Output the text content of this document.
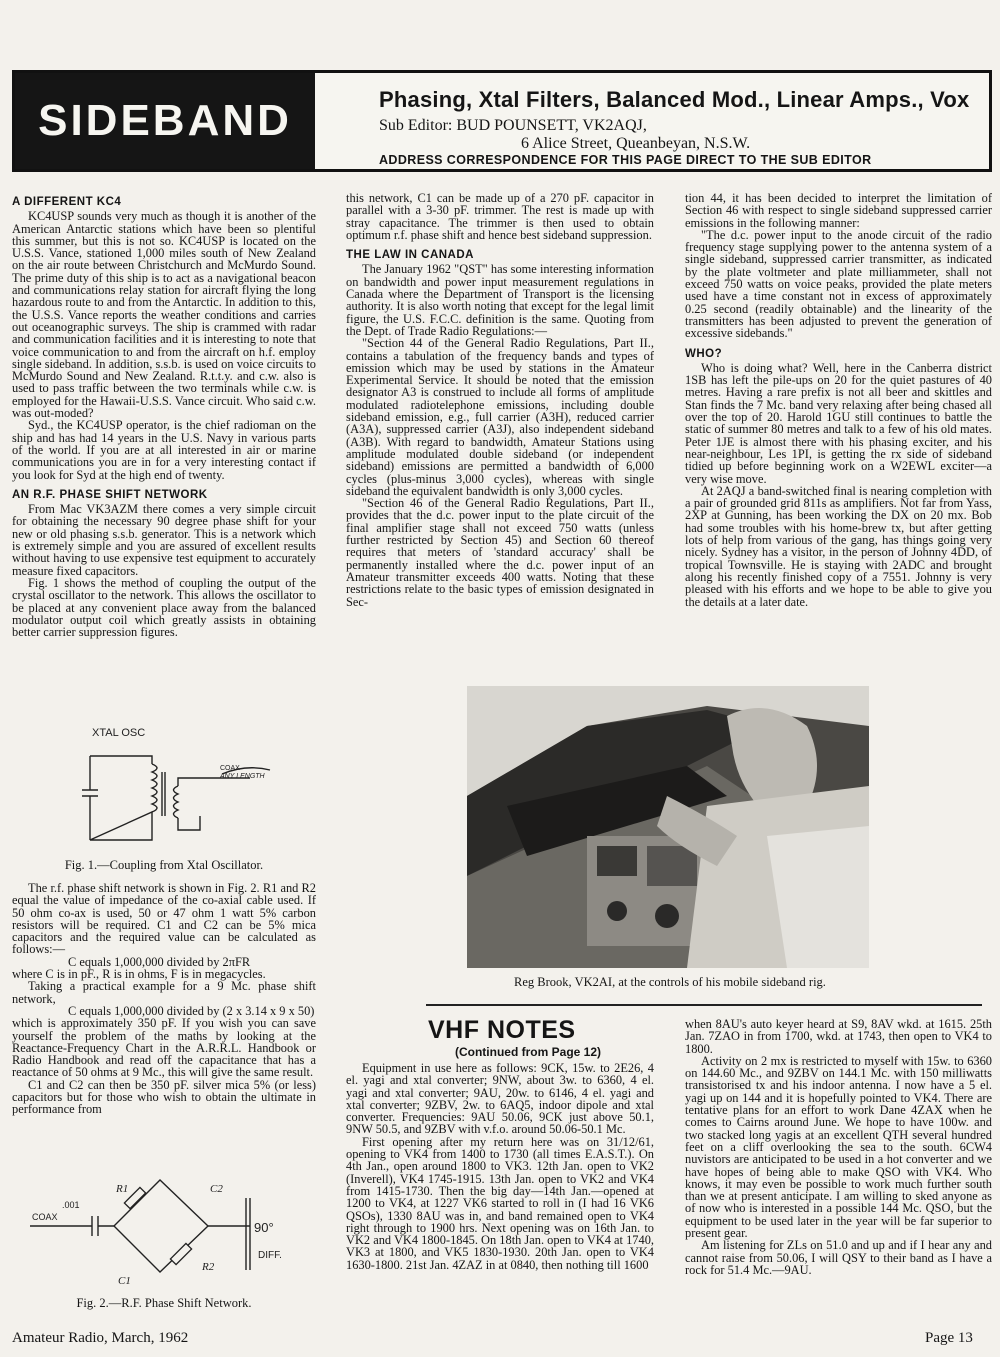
SIDEBAND	Phasing, Xtal Filters, Balanced Mod., Linear Amps., Vox
Sub Editor: BUD POUNSETT, VK2AQJ,
6 Alice Street, Queanbeyan, N.S.W.
ADDRESS CORRESPONDENCE FOR THIS PAGE DIRECT TO THE SUB EDITOR
A DIFFERENT KC4

KC4USP sounds very much as though it is another of the American Antarctic stations which have been so plentiful this summer, but this is not so. KC4USP is located on the U.S.S. Vance, stationed 1,000 miles south of New Zealand on the air route between Christchurch and McMurdo Sound. The prime duty of this ship is to act as a navigational beacon and communications relay station for aircraft flying the long hazardous route to and from the Antarctic. In addition to this, the U.S.S. Vance reports the weather conditions and carries out oceanographic surveys. The ship is crammed with radar and communication facilities and it is interesting to note that voice communication to and from the aircraft on h.f. employ single sideband. In addition, s.s.b. is used on voice circuits to McMurdo Sound and New Zealand. R.t.t.y. and c.w. also is used to pass traffic between the two terminals while c.w. is employed for the Hawaii-U.S.S. Vance circuit. Who said c.w. was out-moded?

Syd., the KC4USP operator, is the chief radioman on the ship and has had 14 years in the U.S. Navy in various parts of the world. If you are at all interested in air or marine communications you are in for a very interesting contact if you look for Syd at the high end of twenty.

AN R.F. PHASE SHIFT NETWORK

From Mac VK3AZM there comes a very simple circuit for obtaining the necessary 90 degree phase shift for your new or old phasing s.s.b. generator. This is a network which is extremely simple and you are assured of excellent results without having to use expensive test equipment to accurately measure fixed capacitors.

Fig. 1 shows the method of coupling the output of the crystal oscillator to the network. This allows the oscillator to be placed at any convenient place away from the balanced modulator output coil which greatly assists in obtaining better carrier suppression figures.

XTAL OSC
COAX
ANY LENGTH
Fig. 1.—Coupling from Xtal Oscillator.

The r.f. phase shift network is shown in Fig. 2. R1 and R2 equal the value of impedance of the co-axial cable used. If 50 ohm co-ax is used, 50 or 47 ohm 1 watt 5% carbon resistors will be required. C1 and C2 can be 5% mica capacitors and the required value can be calculated as follows:—

C equals 1,000,000 divided by 2πFR

where C is in pF., R is in ohms, F is in megacycles.

Taking a practical example for a 9 Mc. phase shift network,

C equals 1,000,000 divided by (2 x 3.14 x 9 x 50)

which is approximately 350 pF. If you wish you can save yourself the problem of the maths by looking at the Reactance-Frequency Chart in the A.R.R.L. Handbook or Radio Handbook and read off the capacitance that has a reactance of 50 ohms at 9 Mc., this will give the same result.

C1 and C2 can then be 350 pF. silver mica 5% (or less) capacitors but for those who wish to obtain the ultimate in performance from

.001
COAX
R1
R2
C1
C2
90°
DIFF.
Fig. 2.—R.F. Phase Shift Network.

this network, C1 can be made up of a 270 pF. capacitor in parallel with a 3-30 pF. trimmer. The rest is made up with stray capacitance. The trimmer is then used to obtain optimum r.f. phase shift and hence best sideband suppression.

THE LAW IN CANADA

The January 1962 "QST" has some interesting information on bandwidth and power input measurement regulations in Canada where the Department of Transport is the licensing authority. It is also worth noting that except for the legal limit figure, the U.S. F.C.C. definition is the same. Quoting from the Dept. of Trade Radio Regulations:—

"Section 44 of the General Radio Regulations, Part II., contains a tabulation of the frequency bands and types of emission which may be used by stations in the Amateur Experimental Service. It should be noted that the emission designator A3 is construed to include all forms of amplitude modulated radiotelephone emissions, including double sideband emission, e.g., full carrier (A3H), reduced carrier (A3A), suppressed carrier (A3J), also independent sideband (A3B). With regard to bandwidth, Amateur Stations using amplitude modulated double sideband (or independent sideband) emissions are permitted a bandwidth of 6,000 cycles (plus-minus 3,000 cycles), whereas with single sideband the equivalent bandwidth is only 3,000 cycles.

"Section 46 of the General Radio Regulations, Part II., provides that the d.c. power input to the plate circuit of the final amplifier stage shall not exceed 750 watts (unless further restricted by Section 45) and Section 60 thereof requires that meters of 'standard accuracy' shall be permanently installed where the d.c. power input of an Amateur transmitter exceeds 400 watts. Noting that these restrictions relate to the basic types of emission designated in Sec-

tion 44, it has been decided to interpret the limitation of Section 46 with respect to single sideband suppressed carrier emissions in the following manner:

"The d.c. power input to the anode circuit of the radio frequency stage supplying power to the antenna system of a single sideband, suppressed carrier transmitter, as indicated by the plate voltmeter and plate milliammeter, shall not exceed 750 watts on voice peaks, provided the plate meters used have a time constant not in excess of approximately 0.25 second (readily obtainable) and the linearity of the transmitters has been adjusted to prevent the generation of excessive sidebands."

WHO?

Who is doing what? Well, here in the Canberra district 1SB has left the pile-ups on 20 for the quiet pastures of 40 metres. Having a rare prefix is not all beer and skittles and Stan finds the 7 Mc. band very relaxing after being chased all over the top of 20. Harold 1GU still continues to battle the static of summer 80 metres and talk to a few of his old mates. Peter 1JE is almost there with his phasing exciter, and his near-neighbour, Les 1PI, is getting the rx side of sideband tidied up before beginning work on a W2EWL exciter—a very wise move.

At 2AQJ a band-switched final is nearing completion with a pair of grounded grid 811s as amplifiers. Not far from Yass, 2XP at Gunning, has been working the DX on 20 mx. Bob had some troubles with his home-brew tx, but after getting lots of help from various of the gang, has things going very nicely. Sydney has a visitor, in the person of Johnny 4DD, of tropical Townsville. He is staying with 2ADC and brought along his recently finished copy of a 7551. Johnny is very pleased with his efforts and we hope to be able to give you the details at a later date.

Reg Brook, VK2AI, at the controls of his mobile sideband rig.
VHF NOTES
(Continued from Page 12)

Equipment in use here as follows: 9CK, 15w. to 2E26, 4 el. yagi and xtal converter; 9NW, about 3w. to 6360, 4 el. yagi and xtal converter; 9AU, 20w. to 6146, 4 el. yagi and xtal converter; 9ZBV, 2w. to 6AQ5, indoor dipole and xtal converter. Frequencies: 9AU 50.06, 9CK just above 50.1, 9NW 50.5, and 9ZBV with v.f.o. around 50.06-50.1 Mc.

First opening after my return here was on 31/12/61, opening to VK4 from 1400 to 1730 (all times E.A.S.T.). On 4th Jan., open around 1800 to VK3. 12th Jan. open to VK2 (Inverell), VK4 1745-1915. 13th Jan. open to VK2 and VK4 from 1415-1730. Then the big day—14th Jan.—opened at 1200 to VK4, at 1227 VK6 started to roll in (I had 16 VK6 QSOs), 1330 8AU was in, and band remained open to VK4 right through to 1900 hrs. Next opening was on 16th Jan. to VK2 and VK4 1800-1845. On 18th Jan. open to VK4 at 1740, VK3 at 1800, and VK5 1830-1930. 20th Jan. open to VK4 1630-1800. 21st Jan. 4ZAZ in at 0840, then nothing till 1600

when 8AU's auto keyer heard at S9, 8AV wkd. at 1615. 25th Jan. 7ZAO in from 1700, wkd. at 1743, then open to VK4 to 1800.

Activity on 2 mx is restricted to myself with 15w. to 6360 on 144.60 Mc., and 9ZBV on 144.1 Mc. with 150 milliwatts transistorised tx and his indoor antenna. I now have a 5 el. yagi up on 144 and it is hopefully pointed to VK4. There are tentative plans for an effort to work Dane 4ZAX when he comes to Cairns around June. We hope to have 100w. and two stacked long yagis at an excellent QTH several hundred feet on a cliff overlooking the sea to the south. 6CW4 nuvistors are anticipated to be used in a hot converter and we have hopes of being able to make QSO with VK4. Who knows, it may even be possible to work much further south than we at present anticipate. I am willing to sked anyone as of now who is interested in a possible 144 Mc. QSO, but the equipment to be used later in the year will be far superior to present gear.

Am listening for ZLs on 51.0 and up and if I hear any and cannot raise from 50.06, I will QSY to their band as I have a rock for 51.4 Mc.—9AU.

Amateur Radio, March, 1962	Page 13
